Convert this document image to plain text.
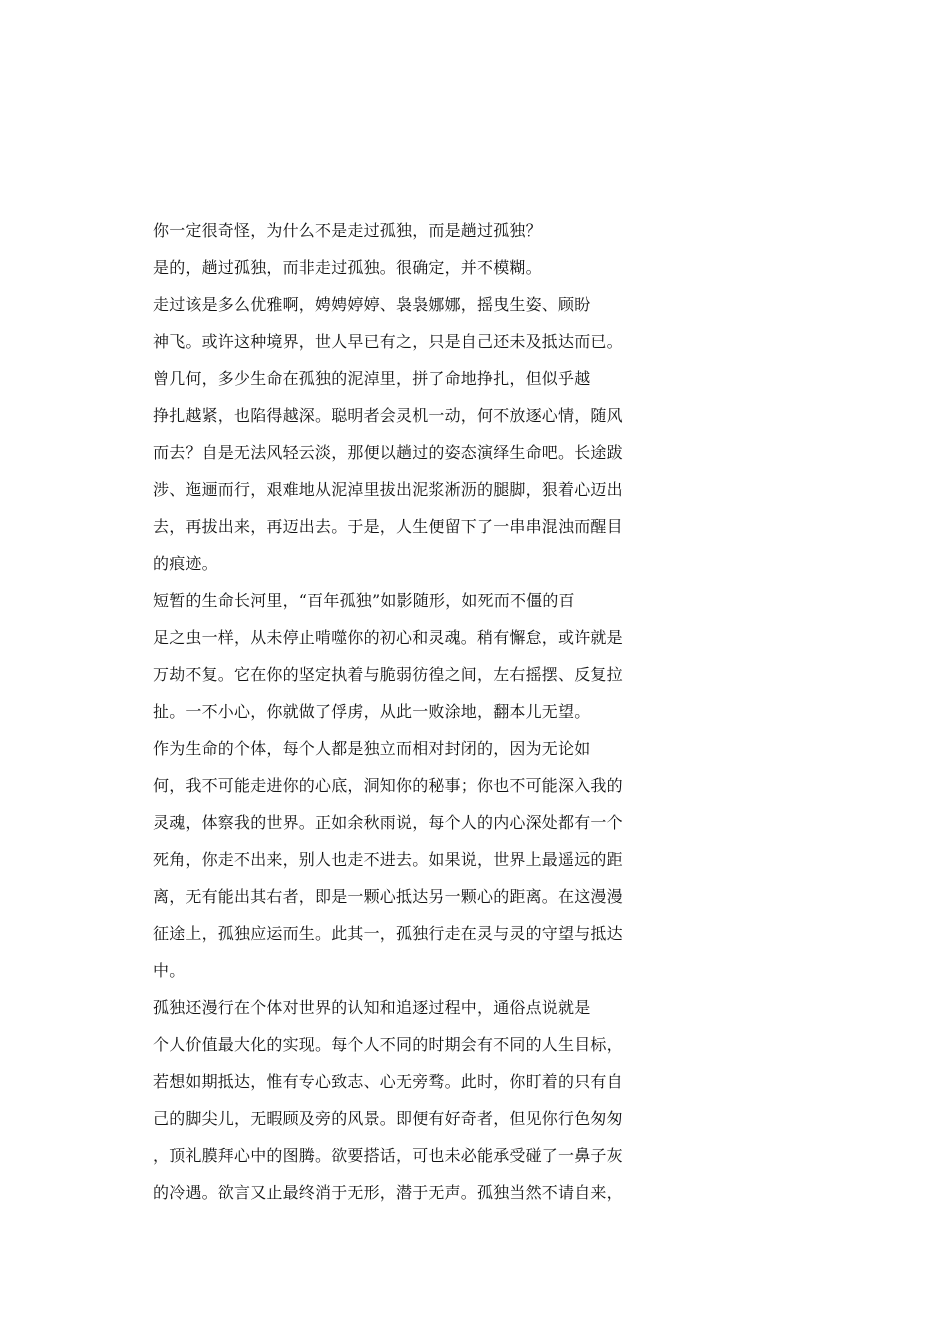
你一定很奇怪，为什么不是走过孤独，而是趟过孤独？
是的，趟过孤独，而非走过孤独。很确定，并不模糊。
走过该是多么优雅啊，娉娉婷婷、袅袅娜娜，摇曳生姿、顾盼
神飞。或许这种境界，世人早已有之，只是自己还未及抵达而已。
曾几何，多少生命在孤独的泥淖里，拼了命地挣扎，但似乎越
挣扎越紧，也陷得越深。聪明者会灵机一动，何不放逐心情，随风
而去？自是无法风轻云淡，那便以趟过的姿态演绎生命吧。长途跋
涉、迤逦而行，艰难地从泥淖里拔出泥浆淅沥的腿脚，狠着心迈出
去，再拔出来，再迈出去。于是，人生便留下了一串串混浊而醒目
的痕迹。
短暂的生命长河里，“百年孤独”如影随形，如死而不僵的百
足之虫一样，从未停止啃噬你的初心和灵魂。稍有懈怠，或许就是
万劫不复。它在你的坚定执着与脆弱彷徨之间，左右摇摆、反复拉
扯。一不小心，你就做了俘虏，从此一败涂地，翻本儿无望。
作为生命的个体，每个人都是独立而相对封闭的，因为无论如
何，我不可能走进你的心底，洞知你的秘事；你也不可能深入我的
灵魂，体察我的世界。正如余秋雨说，每个人的内心深处都有一个
死角，你走不出来，别人也走不进去。如果说，世界上最遥远的距
离，无有能出其右者，即是一颗心抵达另一颗心的距离。在这漫漫
征途上，孤独应运而生。此其一，孤独行走在灵与灵的守望与抵达
中。
孤独还漫行在个体对世界的认知和追逐过程中，通俗点说就是
个人价值最大化的实现。每个人不同的时期会有不同的人生目标，
若想如期抵达，惟有专心致志、心无旁骛。此时，你盯着的只有自
己的脚尖儿，无暇顾及旁的风景。即便有好奇者，但见你行色匆匆
，顶礼膜拜心中的图腾。欲要搭话，可也未必能承受碰了一鼻子灰
的冷遇。欲言又止最终消于无形，潜于无声。孤独当然不请自来，
